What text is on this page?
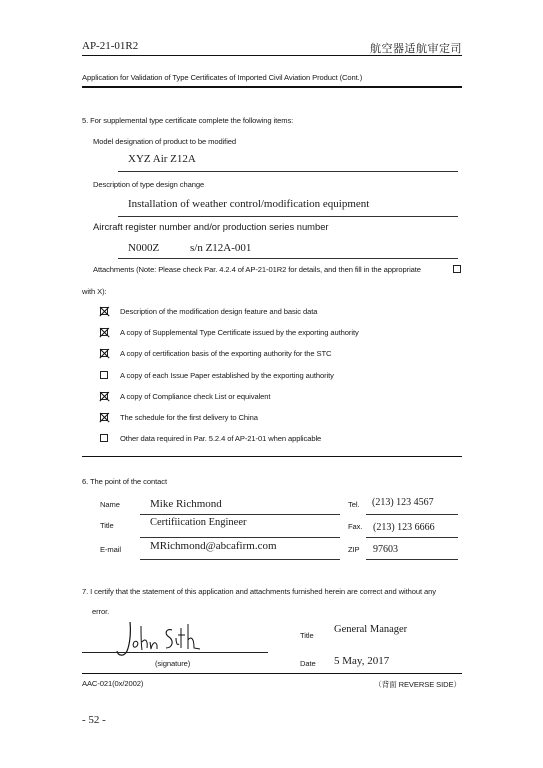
AP-21-01R2	航空器适航审定司
Application for Validation of Type Certificates of Imported Civil Aviation Product (Cont.)
5. For supplemental type certificate complete the following items:
Model designation of product to be modified
XYZ Air Z12A
Description of type design change
Installation of weather control/modification equipment
Aircraft register number and/or production series number
N000Z	s/n Z12A-001
Attachments (Note: Please check Par. 4.2.4 of AP-21-01R2 for details, and then fill in the appropriate
with X):
Description of the modification design feature and basic data
A copy of Supplemental Type Certificate issued by the exporting authority
A copy of certification basis of the exporting authority for the STC
A copy of each Issue Paper established by the exporting authority
A copy of Compliance check List or equivalent
The schedule for the first delivery to China
Other data required in Par. 5.2.4 of AP-21-01 when applicable
6. The point of the contact
Name	Mike Richmond	Tel. (213) 123 4567
Title	Certifiication Engineer	Fax. (213) 123 6666
E-mail	MRichmond@abcafirm.com	ZIP 97603
7. I certify that the statement of this application and attachments furnished herein are correct and without any
error.
(signature)
Title
General Manager
Date 5 May, 2017
AAC-021(0x/2002)	（背面 REVERSE SIDE）
- 52 -
